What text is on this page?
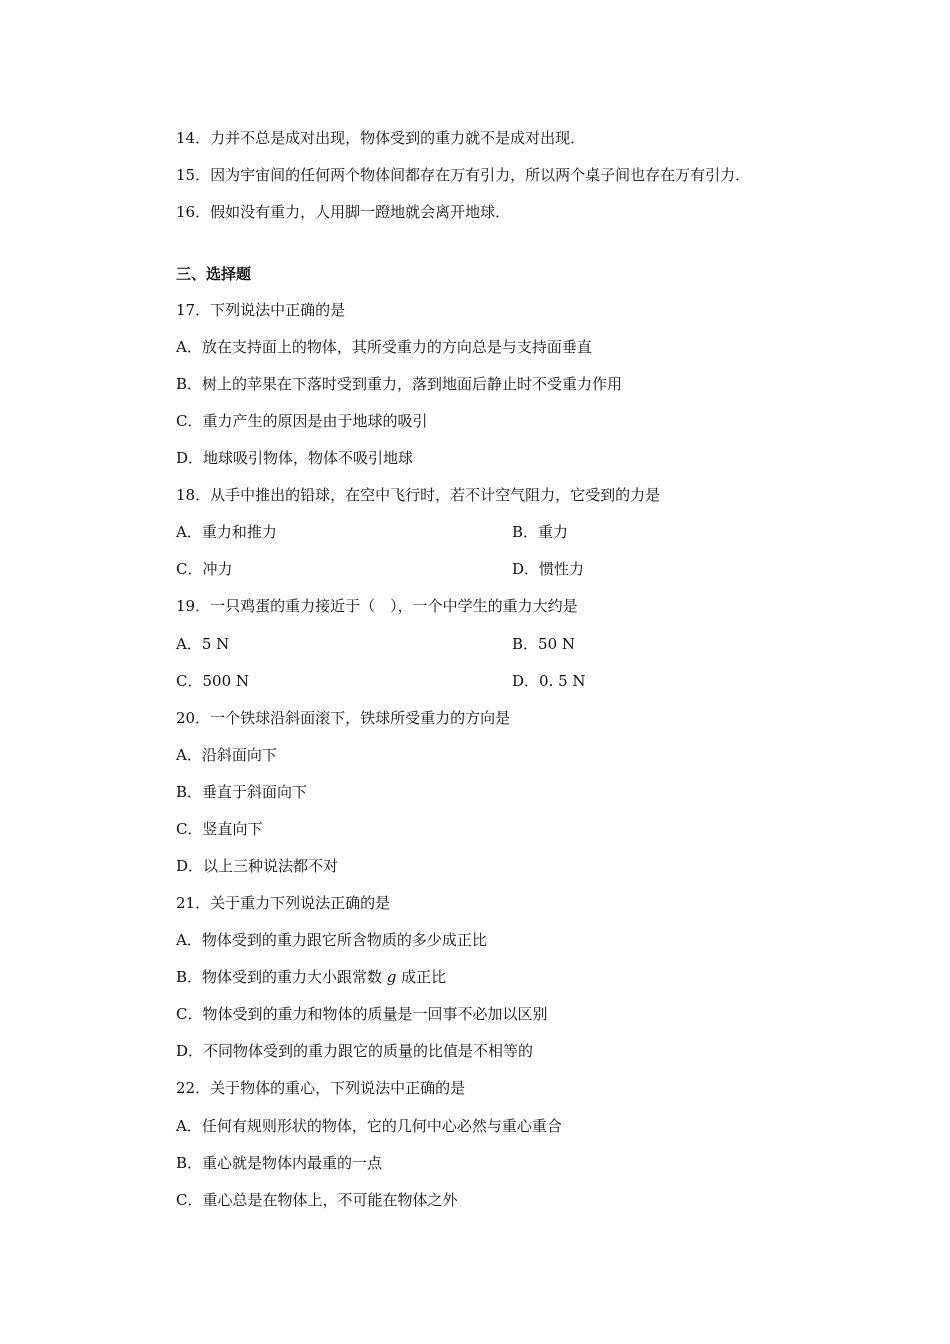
14．力并不总是成对出现，物体受到的重力就不是成对出现．
15．因为宇宙间的任何两个物体间都存在万有引力，所以两个桌子间也存在万有引力．
16．假如没有重力，人用脚一蹬地就会离开地球．
三、选择题
17．下列说法中正确的是
A．放在支持面上的物体，其所受重力的方向总是与支持面垂直
B．树上的苹果在下落时受到重力，落到地面后静止时不受重力作用
C．重力产生的原因是由于地球的吸引
D．地球吸引物体，物体不吸引地球
18．从手中推出的铅球，在空中飞行时，若不计空气阻力，它受到的力是
A．重力和推力	B．重力
C．冲力	D．惯性力
19．一只鸡蛋的重力接近于（　），一个中学生的重力大约是
A．5 N	B．50 N
C．500 N	D．0. 5 N
20．一个铁球沿斜面滚下，铁球所受重力的方向是
A．沿斜面向下
B．垂直于斜面向下
C．竖直向下
D．以上三种说法都不对
21．关于重力下列说法正确的是
A．物体受到的重力跟它所含物质的多少成正比
B．物体受到的重力大小跟常数 g 成正比
C．物体受到的重力和物体的质量是一回事不必加以区别
D．不同物体受到的重力跟它的质量的比值是不相等的
22．关于物体的重心，下列说法中正确的是
A．任何有规则形状的物体，它的几何中心必然与重心重合
B．重心就是物体内最重的一点
C．重心总是在物体上，不可能在物体之外
